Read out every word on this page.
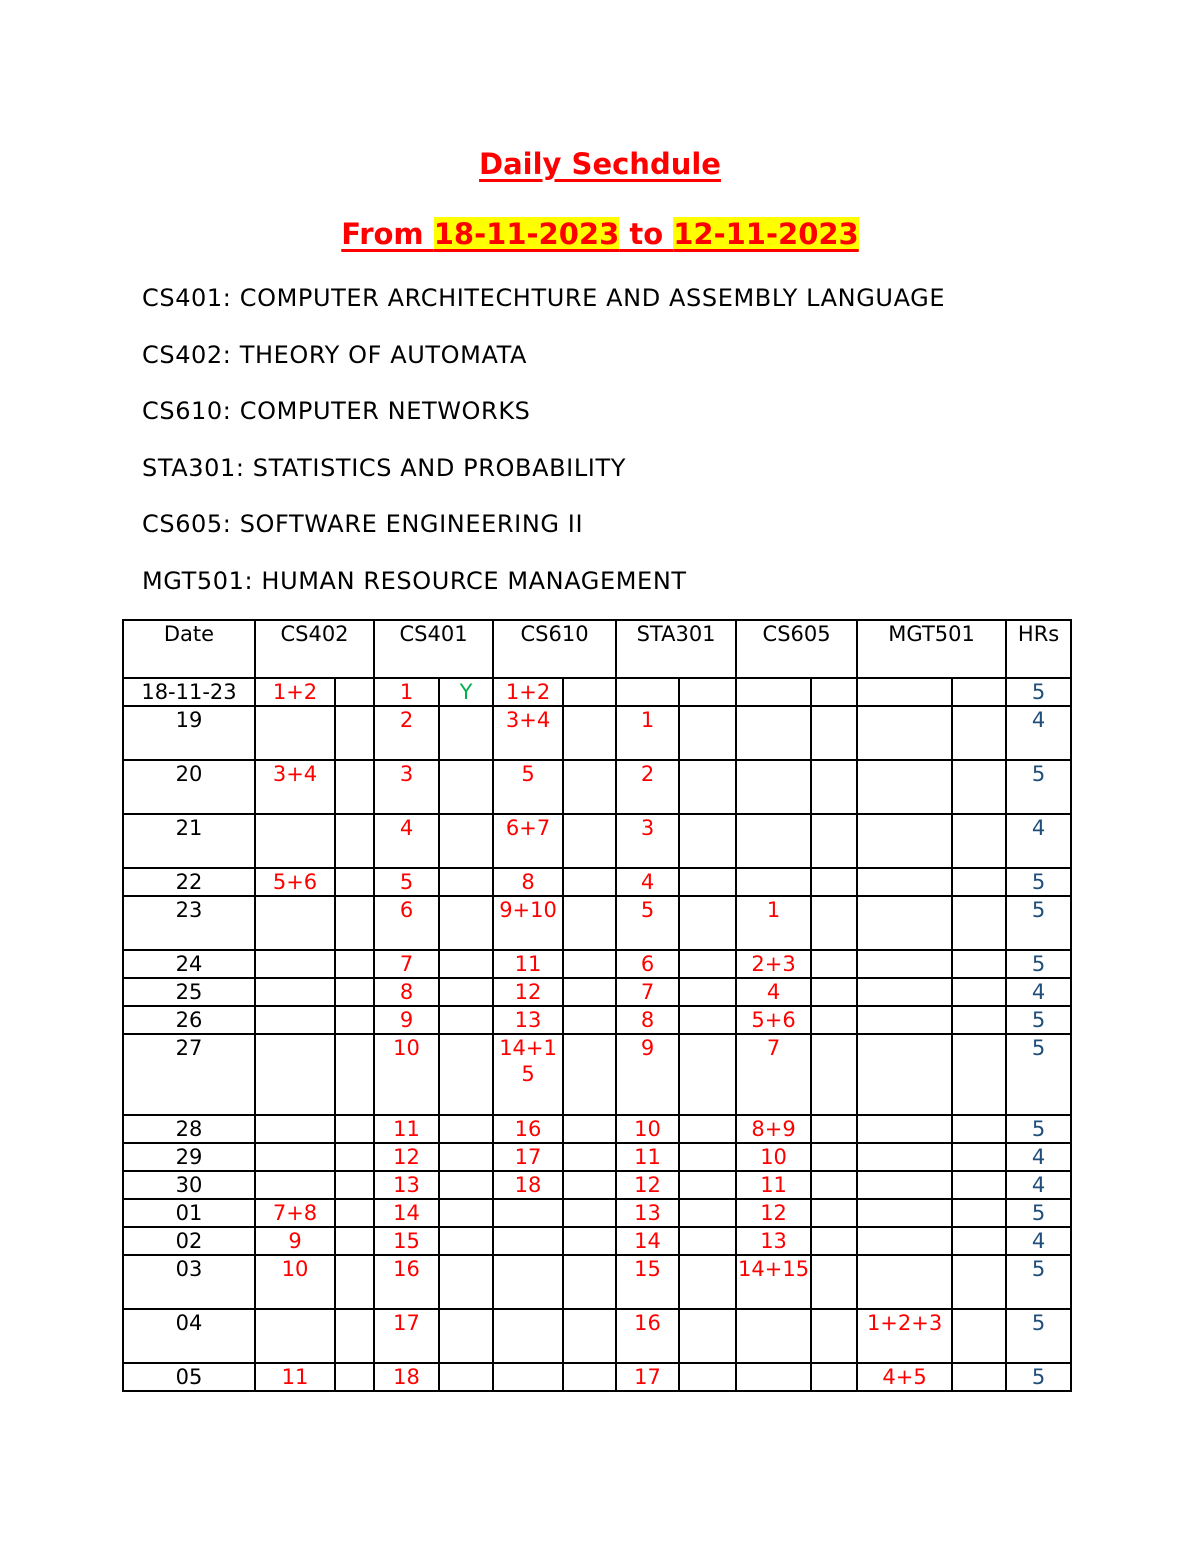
Daily Sechdule
From 18-11-2023 to 12-11-2023
CS401: COMPUTER ARCHITECHTURE AND ASSEMBLY LANGUAGE
CS402: THEORY OF AUTOMATA
CS610: COMPUTER NETWORKS
STA301: STATISTICS AND PROBABILITY
CS605: SOFTWARE ENGINEERING II
MGT501: HUMAN RESOURCE MANAGEMENT
Date	CS402		CS401		CS610		STA301		CS605		MGT501		HRs
18-11-23	1+2		1	Y	1+2								5
19			2		3+4		1						4
20	3+4		3		5		2						5
21			4		6+7		3						4
22	5+6		5		8		4						5
23			6		9+10		5		1				5
24			7		11		6		2+3				5
25			8		12		7		4				4
26			9		13		8		5+6				5
27			10		14+15		9		7				5
28			11		16		10		8+9				5
29			12		17		11		10				4
30			13		18		12		11				4
01	7+8		14				13		12				5
02	9		15				14		13				4
03	10		16				15		14+15				5
04			17				16				1+2+3		5
05	11		18				17				4+5		5
